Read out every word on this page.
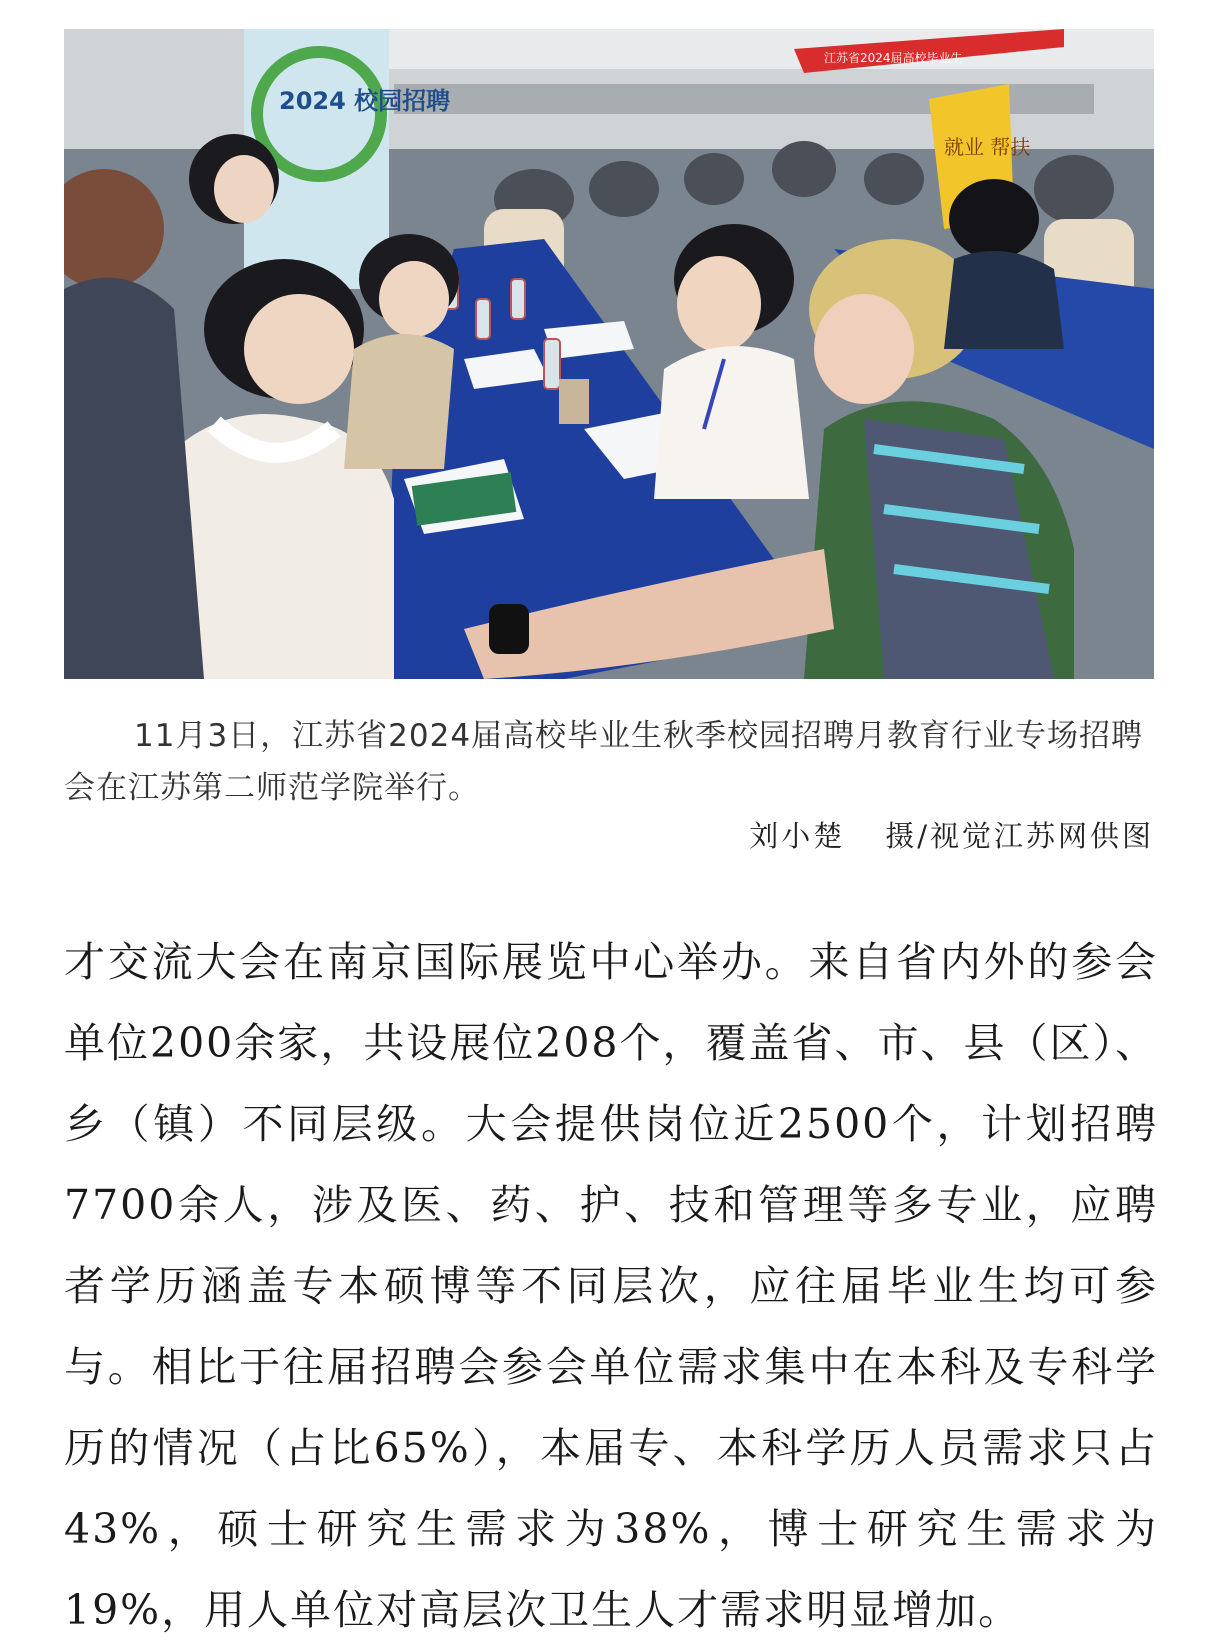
江苏省2024届高校毕业生
2024 校园招聘
就业 帮扶

11月3日，江苏省2024届高校毕业生秋季校园招聘月教育行业专场招聘会在江苏第二师范学院举行。

刘小楚 摄/视觉江苏网供图

才交流大会在南京国际展览中心举办。来自省内外的参会单位200余家，共设展位208个，覆盖省、市、县（区）、乡（镇）不同层级。大会提供岗位近2500个，计划招聘7700余人，涉及医、药、护、技和管理等多专业，应聘者学历涵盖专本硕博等不同层次，应往届毕业生均可参与。相比于往届招聘会参会单位需求集中在本科及专科学历的情况（占比65%），本届专、本科学历人员需求只占43%，硕士研究生需求为38%，博士研究生需求为19%，用人单位对高层次卫生人才需求明显增加。
